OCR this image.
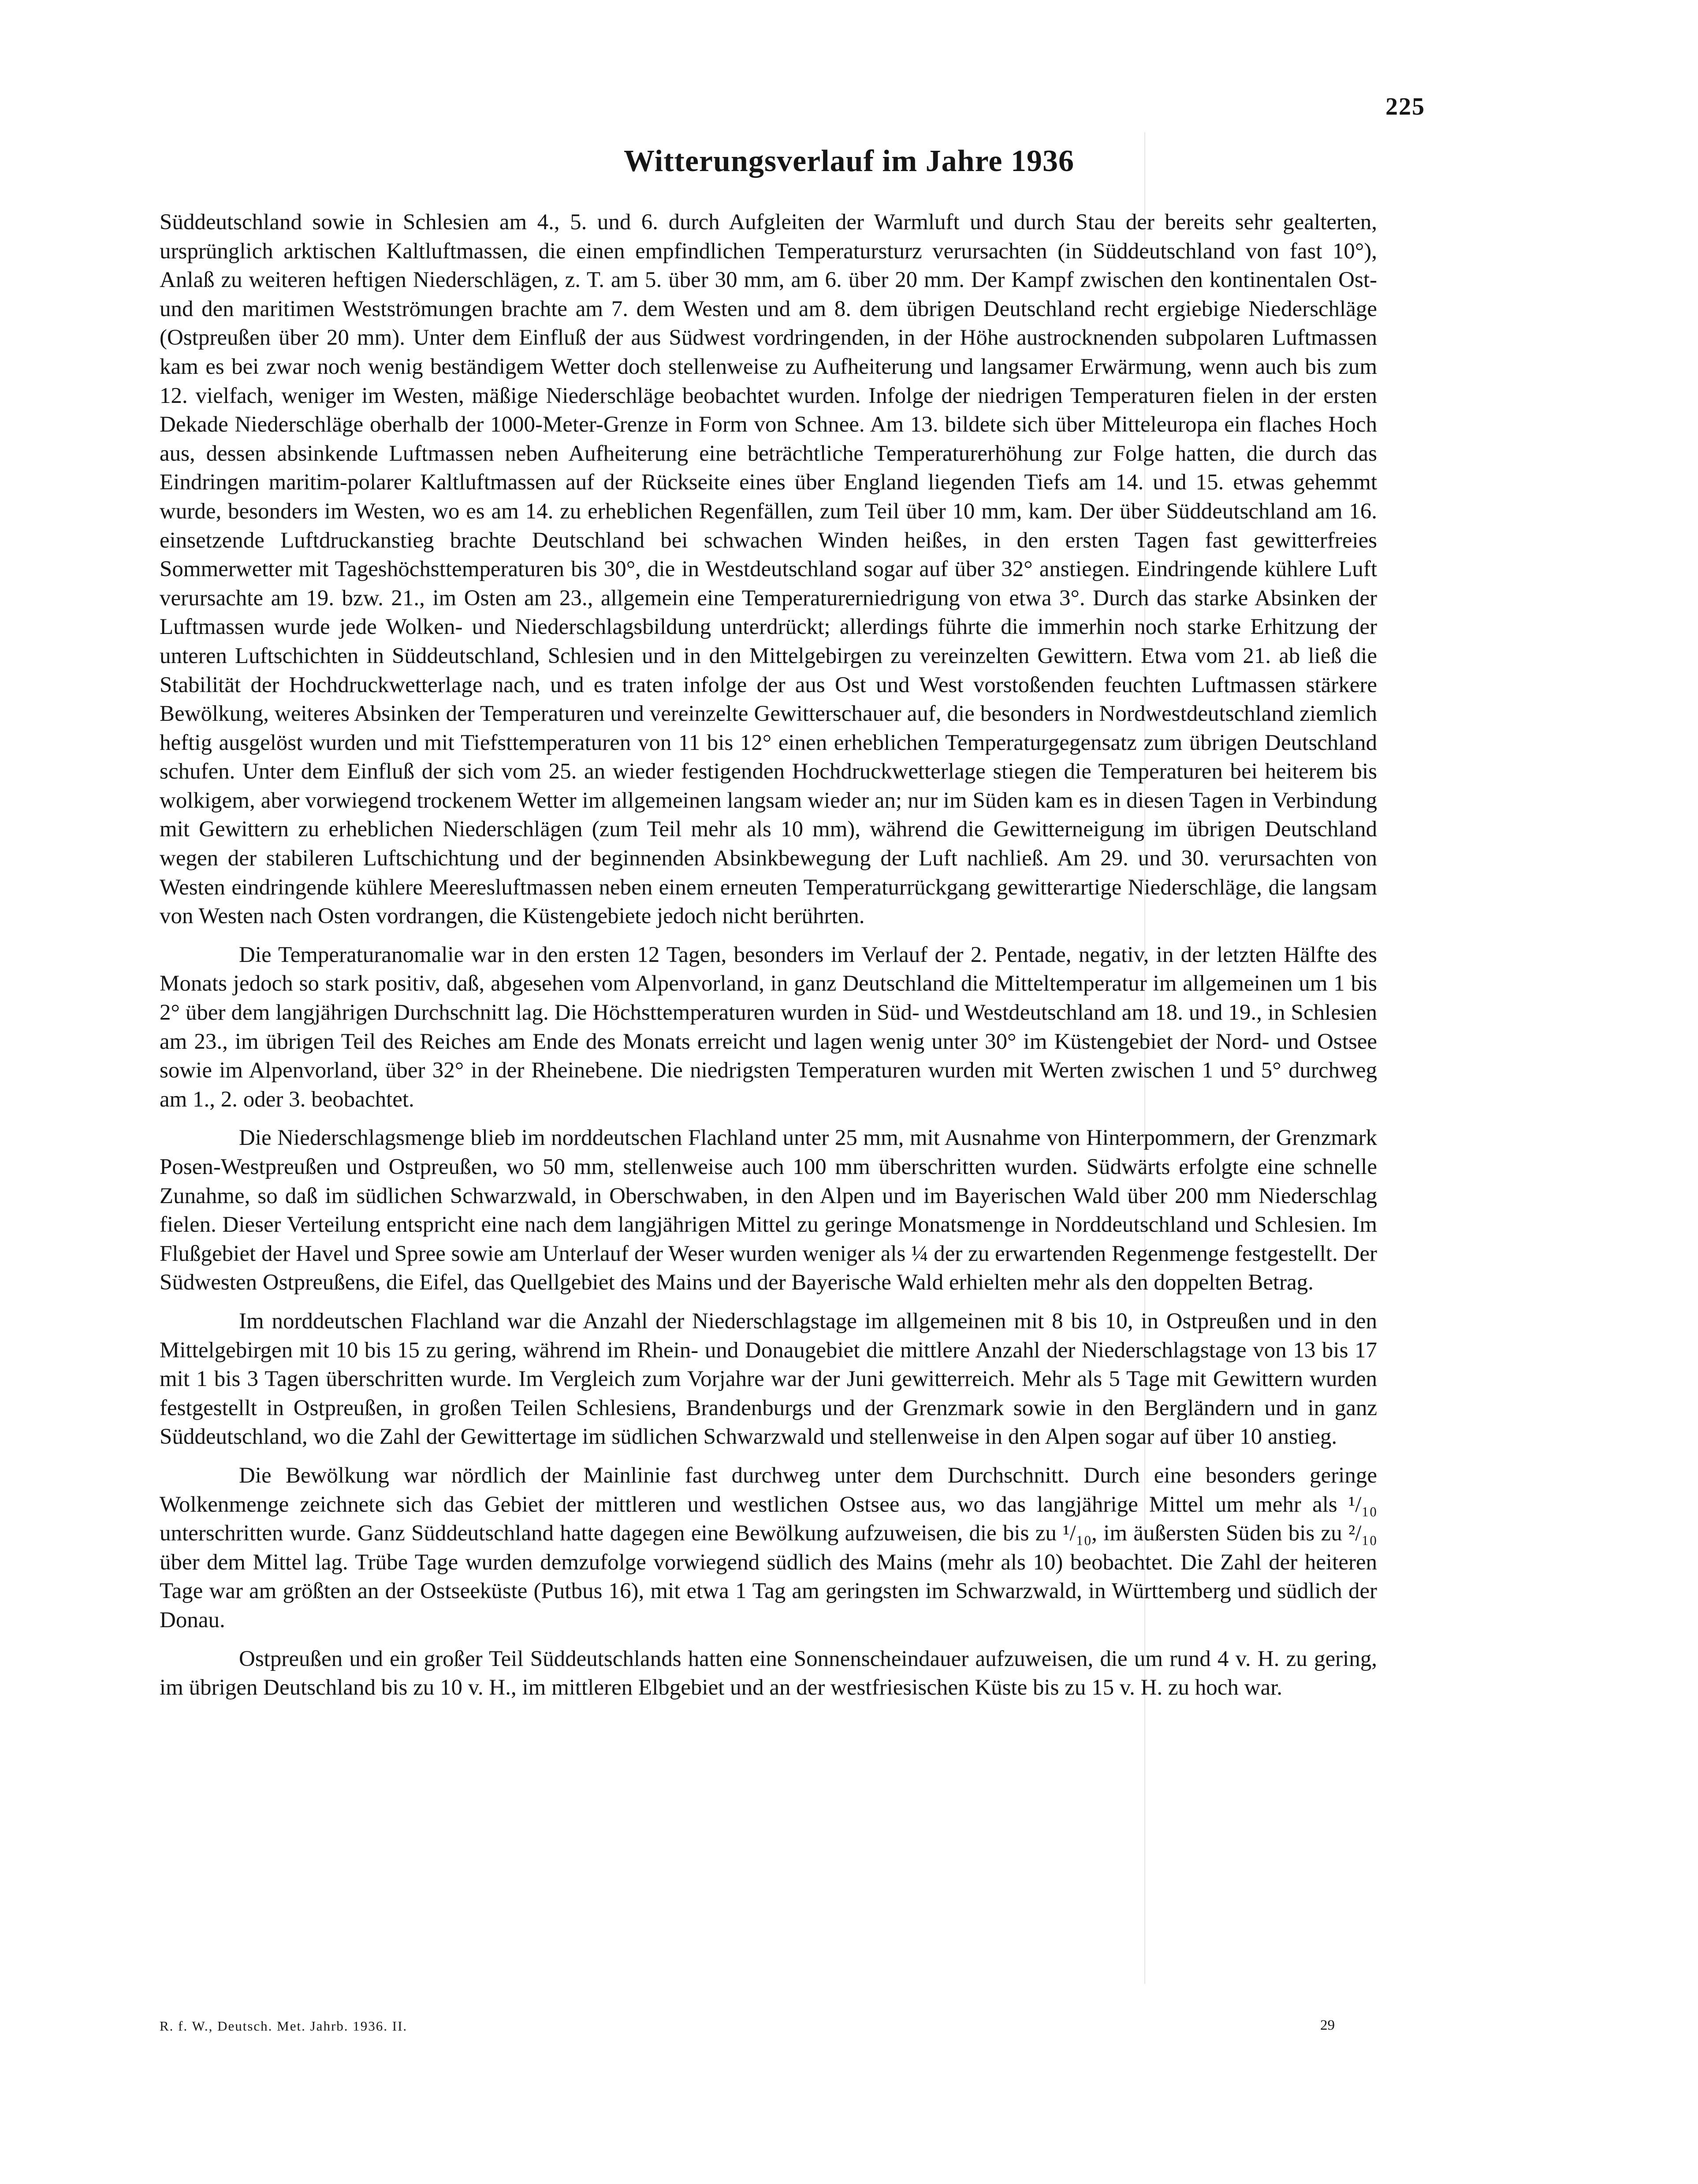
225
Witterungsverlauf im Jahre 1936

Süddeutschland sowie in Schlesien am 4., 5. und 6. durch Aufgleiten der Warmluft und durch Stau der bereits sehr gealterten, ursprünglich arktischen Kaltluftmassen, die einen empfindlichen Temperatursturz verursachten (in Süddeutschland von fast 10°), Anlaß zu weiteren heftigen Niederschlägen, z. T. am 5. über 30 mm, am 6. über 20 mm. Der Kampf zwischen den kontinentalen Ost- und den maritimen Westströmungen brachte am 7. dem Westen und am 8. dem übrigen Deutschland recht ergiebige Niederschläge (Ostpreußen über 20 mm). Unter dem Einfluß der aus Südwest vordringenden, in der Höhe austrocknenden subpolaren Luftmassen kam es bei zwar noch wenig beständigem Wetter doch stellenweise zu Aufheiterung und langsamer Erwärmung, wenn auch bis zum 12. vielfach, weniger im Westen, mäßige Niederschläge beobachtet wurden. Infolge der niedrigen Temperaturen fielen in der ersten Dekade Niederschläge oberhalb der 1000-Meter-Grenze in Form von Schnee. Am 13. bildete sich über Mitteleuropa ein flaches Hoch aus, dessen absinkende Luftmassen neben Aufheiterung eine beträchtliche Temperaturerhöhung zur Folge hatten, die durch das Eindringen maritim-polarer Kaltluftmassen auf der Rückseite eines über England liegenden Tiefs am 14. und 15. etwas gehemmt wurde, besonders im Westen, wo es am 14. zu erheblichen Regenfällen, zum Teil über 10 mm, kam. Der über Süddeutschland am 16. einsetzende Luftdruckanstieg brachte Deutschland bei schwachen Winden heißes, in den ersten Tagen fast gewitterfreies Sommerwetter mit Tageshöchsttemperaturen bis 30°, die in Westdeutschland sogar auf über 32° anstiegen. Eindringende kühlere Luft verursachte am 19. bzw. 21., im Osten am 23., allgemein eine Temperaturerniedrigung von etwa 3°. Durch das starke Absinken der Luftmassen wurde jede Wolken- und Niederschlagsbildung unterdrückt; allerdings führte die immerhin noch starke Erhitzung der unteren Luftschichten in Süddeutschland, Schlesien und in den Mittelgebirgen zu vereinzelten Gewittern. Etwa vom 21. ab ließ die Stabilität der Hochdruckwetterlage nach, und es traten infolge der aus Ost und West vorstoßenden feuchten Luftmassen stärkere Bewölkung, weiteres Absinken der Temperaturen und vereinzelte Gewitterschauer auf, die besonders in Nordwestdeutschland ziemlich heftig ausgelöst wurden und mit Tiefsttemperaturen von 11 bis 12° einen erheblichen Temperaturgegensatz zum übrigen Deutschland schufen. Unter dem Einfluß der sich vom 25. an wieder festigenden Hochdruckwetterlage stiegen die Temperaturen bei heiterem bis wolkigem, aber vorwiegend trockenem Wetter im allgemeinen langsam wieder an; nur im Süden kam es in diesen Tagen in Verbindung mit Gewittern zu erheblichen Niederschlägen (zum Teil mehr als 10 mm), während die Gewitterneigung im übrigen Deutschland wegen der stabileren Luftschichtung und der beginnenden Absinkbewegung der Luft nachließ. Am 29. und 30. verursachten von Westen eindringende kühlere Meeresluftmassen neben einem erneuten Temperaturrückgang gewitterartige Niederschläge, die langsam von Westen nach Osten vordrangen, die Küstengebiete jedoch nicht berührten.

Die Temperaturanomalie war in den ersten 12 Tagen, besonders im Verlauf der 2. Pentade, negativ, in der letzten Hälfte des Monats jedoch so stark positiv, daß, abgesehen vom Alpenvorland, in ganz Deutschland die Mitteltemperatur im allgemeinen um 1 bis 2° über dem langjährigen Durchschnitt lag. Die Höchsttemperaturen wurden in Süd- und Westdeutschland am 18. und 19., in Schlesien am 23., im übrigen Teil des Reiches am Ende des Monats erreicht und lagen wenig unter 30° im Küstengebiet der Nord- und Ostsee sowie im Alpenvorland, über 32° in der Rheinebene. Die niedrigsten Temperaturen wurden mit Werten zwischen 1 und 5° durchweg am 1., 2. oder 3. beobachtet.

Die Niederschlagsmenge blieb im norddeutschen Flachland unter 25 mm, mit Ausnahme von Hinterpommern, der Grenzmark Posen-Westpreußen und Ostpreußen, wo 50 mm, stellenweise auch 100 mm überschritten wurden. Südwärts erfolgte eine schnelle Zunahme, so daß im südlichen Schwarzwald, in Oberschwaben, in den Alpen und im Bayerischen Wald über 200 mm Niederschlag fielen. Dieser Verteilung entspricht eine nach dem langjährigen Mittel zu geringe Monatsmenge in Norddeutschland und Schlesien. Im Flußgebiet der Havel und Spree sowie am Unterlauf der Weser wurden weniger als ¼ der zu erwartenden Regenmenge festgestellt. Der Südwesten Ostpreußens, die Eifel, das Quellgebiet des Mains und der Bayerische Wald erhielten mehr als den doppelten Betrag.

Im norddeutschen Flachland war die Anzahl der Niederschlagstage im allgemeinen mit 8 bis 10, in Ostpreußen und in den Mittelgebirgen mit 10 bis 15 zu gering, während im Rhein- und Donaugebiet die mittlere Anzahl der Niederschlagstage von 13 bis 17 mit 1 bis 3 Tagen überschritten wurde. Im Vergleich zum Vorjahre war der Juni gewitterreich. Mehr als 5 Tage mit Gewittern wurden festgestellt in Ostpreußen, in großen Teilen Schlesiens, Brandenburgs und der Grenzmark sowie in den Bergländern und in ganz Süddeutschland, wo die Zahl der Gewittertage im südlichen Schwarzwald und stellenweise in den Alpen sogar auf über 10 anstieg.

Die Bewölkung war nördlich der Mainlinie fast durchweg unter dem Durchschnitt. Durch eine besonders geringe Wolkenmenge zeichnete sich das Gebiet der mittleren und westlichen Ostsee aus, wo das langjährige Mittel um mehr als ¹/₁₀ unterschritten wurde. Ganz Süddeutschland hatte dagegen eine Bewölkung aufzuweisen, die bis zu ¹/₁₀, im äußersten Süden bis zu ²/₁₀ über dem Mittel lag. Trübe Tage wurden demzufolge vorwiegend südlich des Mains (mehr als 10) beobachtet. Die Zahl der heiteren Tage war am größten an der Ostseeküste (Putbus 16), mit etwa 1 Tag am geringsten im Schwarzwald, in Württemberg und südlich der Donau.

Ostpreußen und ein großer Teil Süddeutschlands hatten eine Sonnenscheindauer aufzuweisen, die um rund 4 v. H. zu gering, im übrigen Deutschland bis zu 10 v. H., im mittleren Elbgebiet und an der westfriesischen Küste bis zu 15 v. H. zu hoch war.

R. f. W., Deutsch. Met. Jahrb. 1936. II.	29
